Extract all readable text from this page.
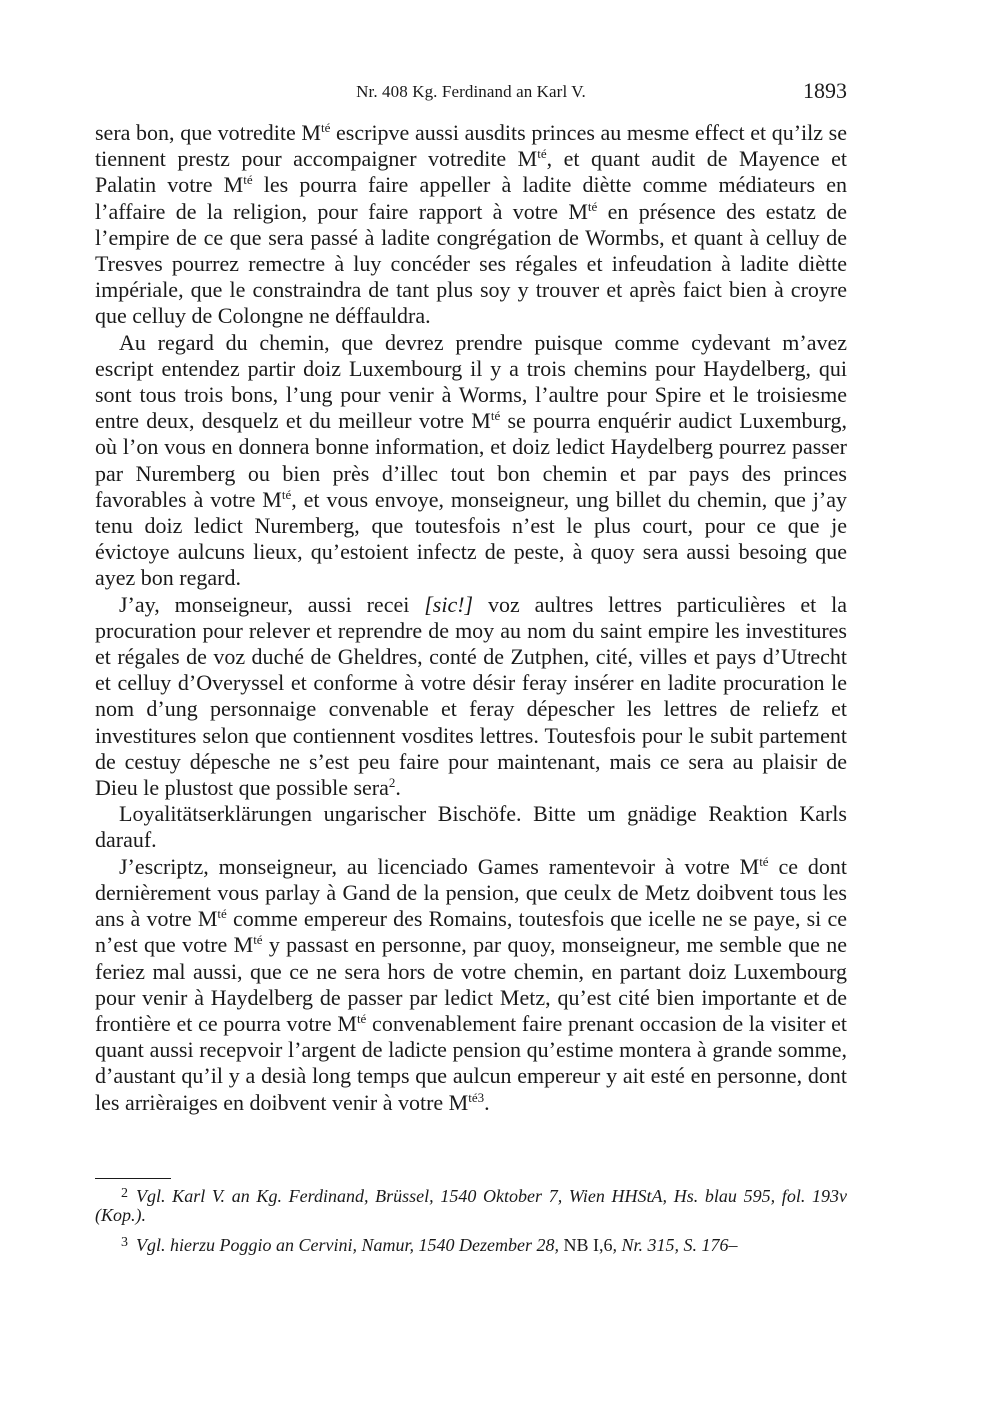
Nr. 408 Kg. Ferdinand an Karl V.	1893

sera bon, que votredite $M^{té}$ escripve aussi ausdits princes au mesme effect et qu’ilz se tiennent prestz pour accompaigner votredite $M^{té}$, et quant audit de Mayence et Palatin votre $M^{té}$ les pourra faire appeller à ladite diètte comme médiateurs en l’affaire de la religion, pour faire rapport à votre $M^{té}$ en présence des estatz de l’empire de ce que sera passé à ladite congrégation de Wormbs, et quant à celluy de Tresves pourrez remectre à luy concéder ses régales et infeudation à ladite diètte impériale, que le constraindra de tant plus soy y trouver et après faict bien à croyre que celluy de Colongne ne déffauldra.

Au regard du chemin, que devrez prendre puisque comme cydevant m’avez escript entendez partir doiz Luxembourg il y a trois chemins pour Haydelberg, qui sont tous trois bons, l’ung pour venir à Worms, l’aultre pour Spire et le troisiesme entre deux, desquelz et du meilleur votre $M^{té}$ se pourra enquérir audict Luxemburg, où l’on vous en donnera bonne information, et doiz ledict Haydelberg pourrez passer par Nuremberg ou bien près d’illec tout bon chemin et par pays des princes favorables à votre $M^{té}$, et vous envoye, monseigneur, ung billet du chemin, que j’ay tenu doiz ledict Nuremberg, que toutesfois n’est le plus court, pour ce que je évictoye aulcuns lieux, qu’estoient infectz de peste, à quoy sera aussi besoing que ayez bon regard.

J’ay, monseigneur, aussi recei [sic!] voz aultres lettres particulières et la procuration pour relever et reprendre de moy au nom du saint empire les investitures et régales de voz duché de Gheldres, conté de Zutphen, cité, villes et pays d’Utrecht et celluy d’Overyssel et conforme à votre désir feray insérer en ladite procuration le nom d’ung personnaige convenable et feray dépescher les lettres de reliefz et investitures selon que contiennent vosdites lettres. Toutesfois pour le subit partement de cestuy dépesche ne s’est peu faire pour maintenant, mais ce sera au plaisir de Dieu le plustost que possible sera$^2$.

Loyalitätserklärungen ungarischer Bischöfe. Bitte um gnädige Reaktion Karls darauf.

J’escriptz, monseigneur, au licenciado Games ramentevoir à votre $M^{té}$ ce dont dernièrement vous parlay à Gand de la pension, que ceulx de Metz doibvent tous les ans à votre $M^{té}$ comme empereur des Romains, toutesfois que icelle ne se paye, si ce n’est que votre $M^{té}$ y passast en personne, par quoy, monseigneur, me semble que ne feriez mal aussi, que ce ne sera hors de votre chemin, en partant doiz Luxembourg pour venir à Haydelberg de passer par ledict Metz, qu’est cité bien importante et de frontière et ce pourra votre $M^{té}$ convenablement faire prenant occasion de la visiter et quant aussi recepvoir l’argent de ladicte pension qu’estime montera à grande somme, d’austant qu’il y a desià long temps que aulcun empereur y ait esté en personne, dont les arrièraiges en doibvent venir à votre $M^{té3}$.

$^2$ Vgl. Karl V. an Kg. Ferdinand, Brüssel, 1540 Oktober 7, Wien HHStA, Hs. blau 595, fol. 193v (Kop.).

$^3$ Vgl. hierzu Poggio an Cervini, Namur, 1540 Dezember 28, NB I,6, Nr. 315, S. 176–
